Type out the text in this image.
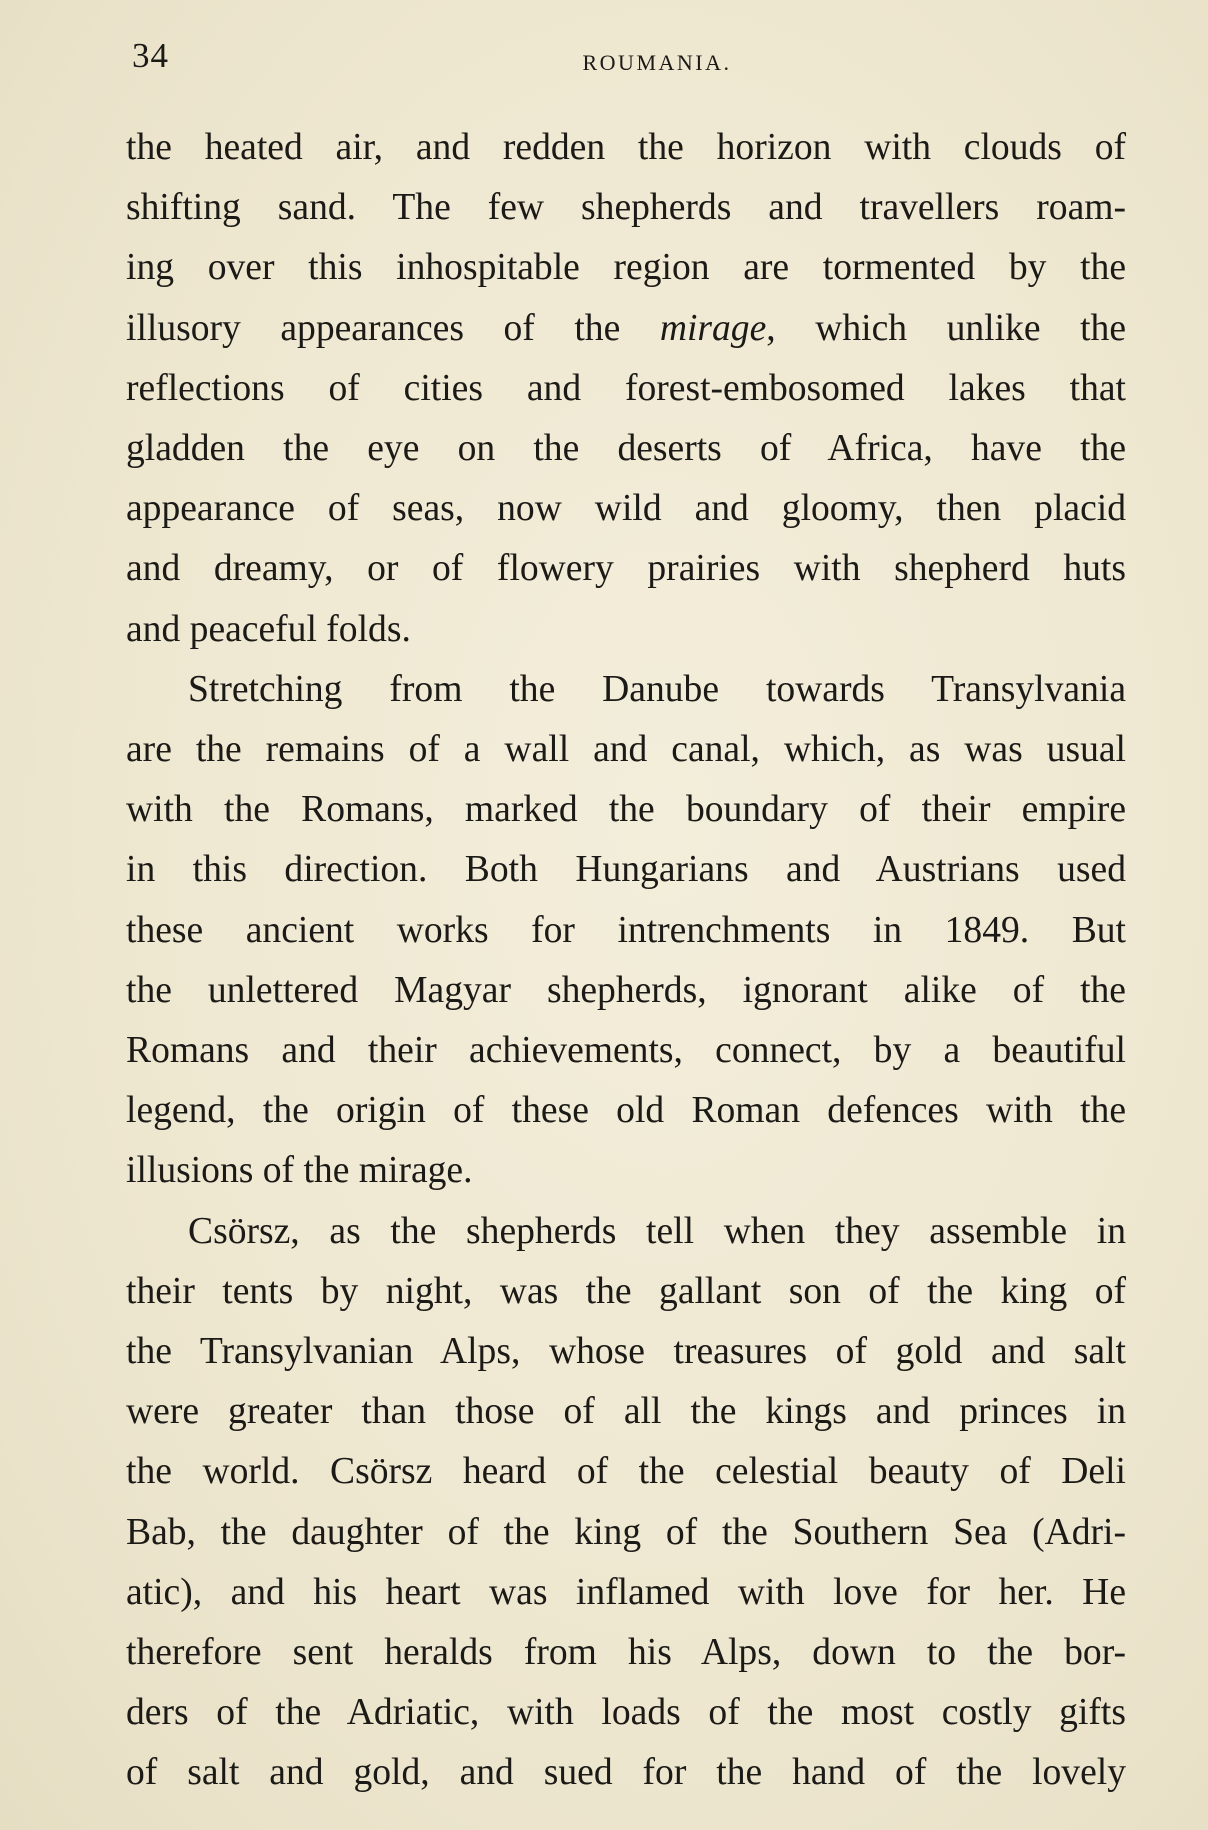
34	ROUMANIA.
the heated air, and redden the horizon with clouds of
shifting sand. The few shepherds and travellers roam-
ing over this inhospitable region are tormented by the
illusory appearances of the mirage, which unlike the
reflections of cities and forest-embosomed lakes that
gladden the eye on the deserts of Africa, have the
appearance of seas, now wild and gloomy, then placid
and dreamy, or of flowery prairies with shepherd huts
and peaceful folds.
Stretching from the Danube towards Transylvania
are the remains of a wall and canal, which, as was usual
with the Romans, marked the boundary of their empire
in this direction. Both Hungarians and Austrians used
these ancient works for intrenchments in 1849. But
the unlettered Magyar shepherds, ignorant alike of the
Romans and their achievements, connect, by a beautiful
legend, the origin of these old Roman defences with the
illusions of the mirage.
Csörsz, as the shepherds tell when they assemble in
their tents by night, was the gallant son of the king of
the Transylvanian Alps, whose treasures of gold and salt
were greater than those of all the kings and princes in
the world. Csörsz heard of the celestial beauty of Deli
Bab, the daughter of the king of the Southern Sea (Adri-
atic), and his heart was inflamed with love for her. He
therefore sent heralds from his Alps, down to the bor-
ders of the Adriatic, with loads of the most costly gifts
of salt and gold, and sued for the hand of the lovely
